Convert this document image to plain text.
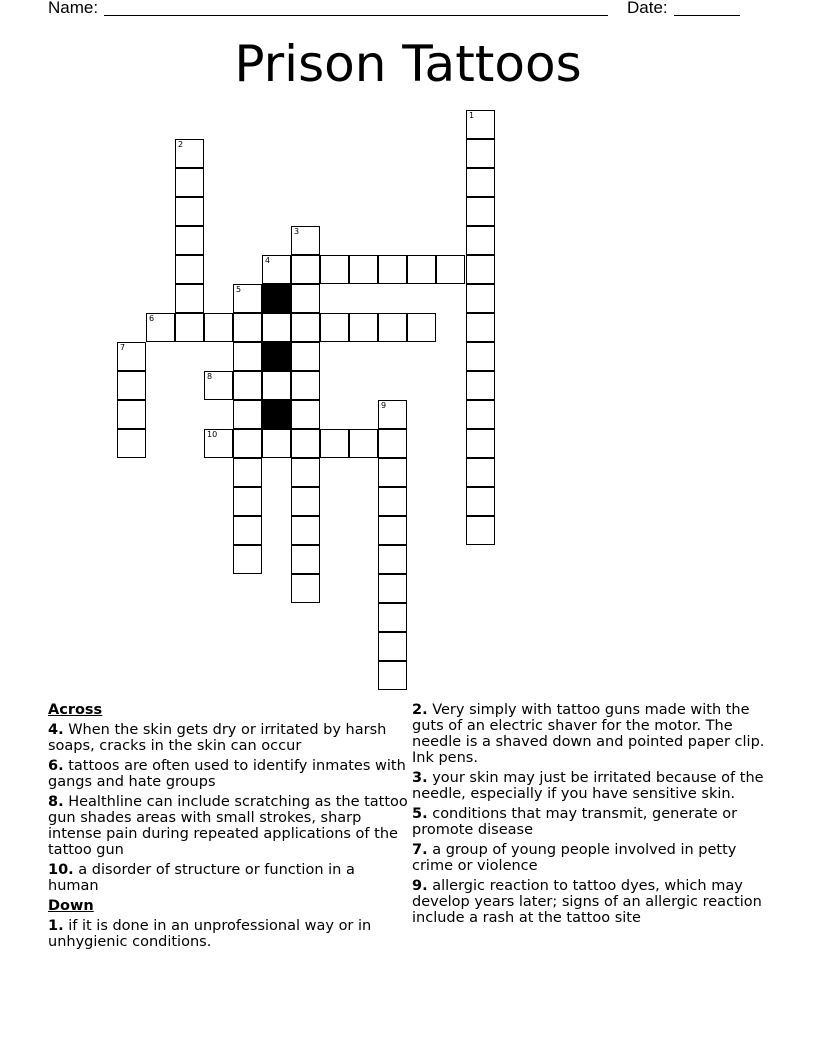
Name:	Date:
Prison Tattoos
1
2
3
4
5
6
7
8
9
10
Across
4. When the skin gets dry or irritated by harsh soaps, cracks in the skin can occur
6. tattoos are often used to identify inmates with gangs and hate groups
8. Healthline can include scratching as the tattoo gun shades areas with small strokes, sharp intense pain during repeated applications of the tattoo gun
10. a disorder of structure or function in a human
Down
1. if it is done in an unprofessional way or in unhygienic conditions.
2. Very simply with tattoo guns made with the guts of an electric shaver for the motor. The needle is a shaved down and pointed paper clip. Ink pens.
3. your skin may just be irritated because of the needle, especially if you have sensitive skin.
5. conditions that may transmit, generate or promote disease
7. a group of young people involved in petty crime or violence
9. allergic reaction to tattoo dyes, which may develop years later; signs of an allergic reaction include a rash at the tattoo site
